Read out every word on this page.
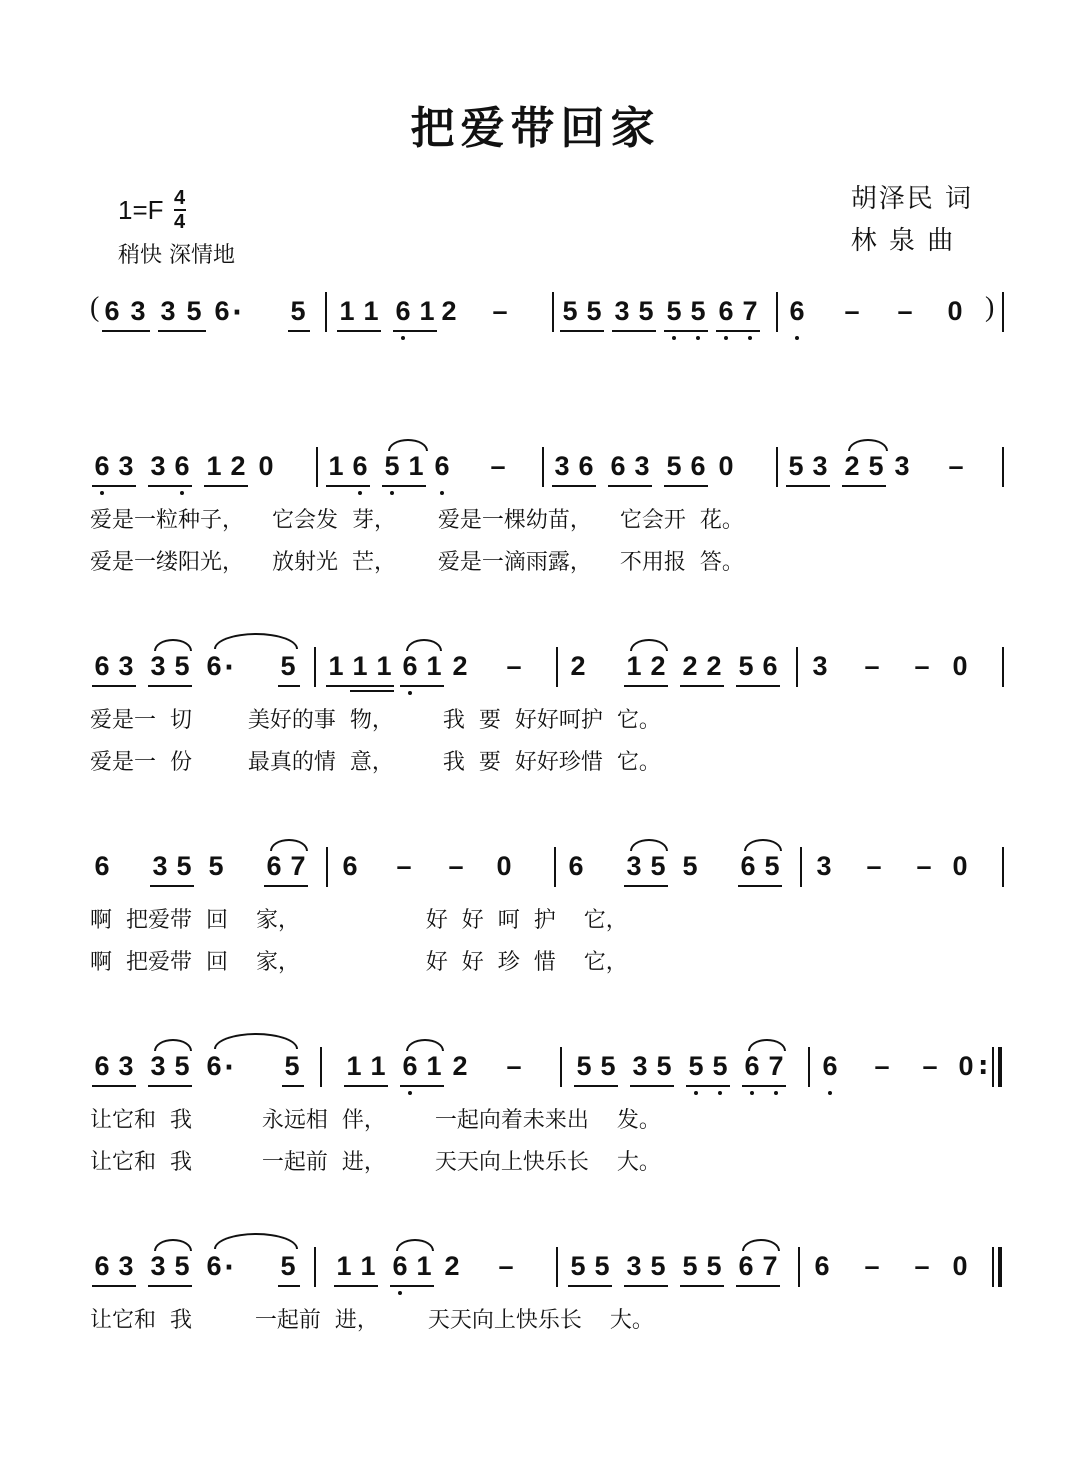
把爱带回家
$1=F \frac{4}{4}$
稍快 深情地
胡泽民 词
林 泉 曲
( 6 3 3 5 6 · 5 1 1 6 1 2 – 5 5 3 5 5 5 6 7 6 – – 0 )
6 3 3 6 1 2 0 1 6 5 1 6 – 3 6 6 3 5 6 0 5 3 2 5 3 –
爱是一粒种子，    它会发  芽，      爱是一棵幼苗，    它会开  花。
爱是一缕阳光，    放射光  芒，      爱是一滴雨露，    不用报  答。
6 3 3 5 6 · 5 1 1 1 6 1 2 – 2 1 2 2 2 5 6 3 – – 0
爱是一  切        美好的事  物，       我  要  好好呵护  它。
爱是一  份        最真的情  意，       我  要  好好珍惜  它。
6 3 5 5 6 7 6 – – 0 6 3 5 5 6 5 3 – – 0
啊  把爱带  回    家，                  好  好  呵  护    它，
啊  把爱带  回    家，                  好  好  珍  惜    它，
6 3 3 5 6 · 5 1 1 6 1 2 – 5 5 3 5 5 5 6 7 6 – – 0 :
让它和  我          永远相  伴，       一起向着未来出    发。
让它和  我          一起前  进，       天天向上快乐长    大。
6 3 3 5 6 · 5 1 1 6 1 2 – 5 5 3 5 5 5 6 7 6 – – 0
让它和  我         一起前  进，       天天向上快乐长    大。
